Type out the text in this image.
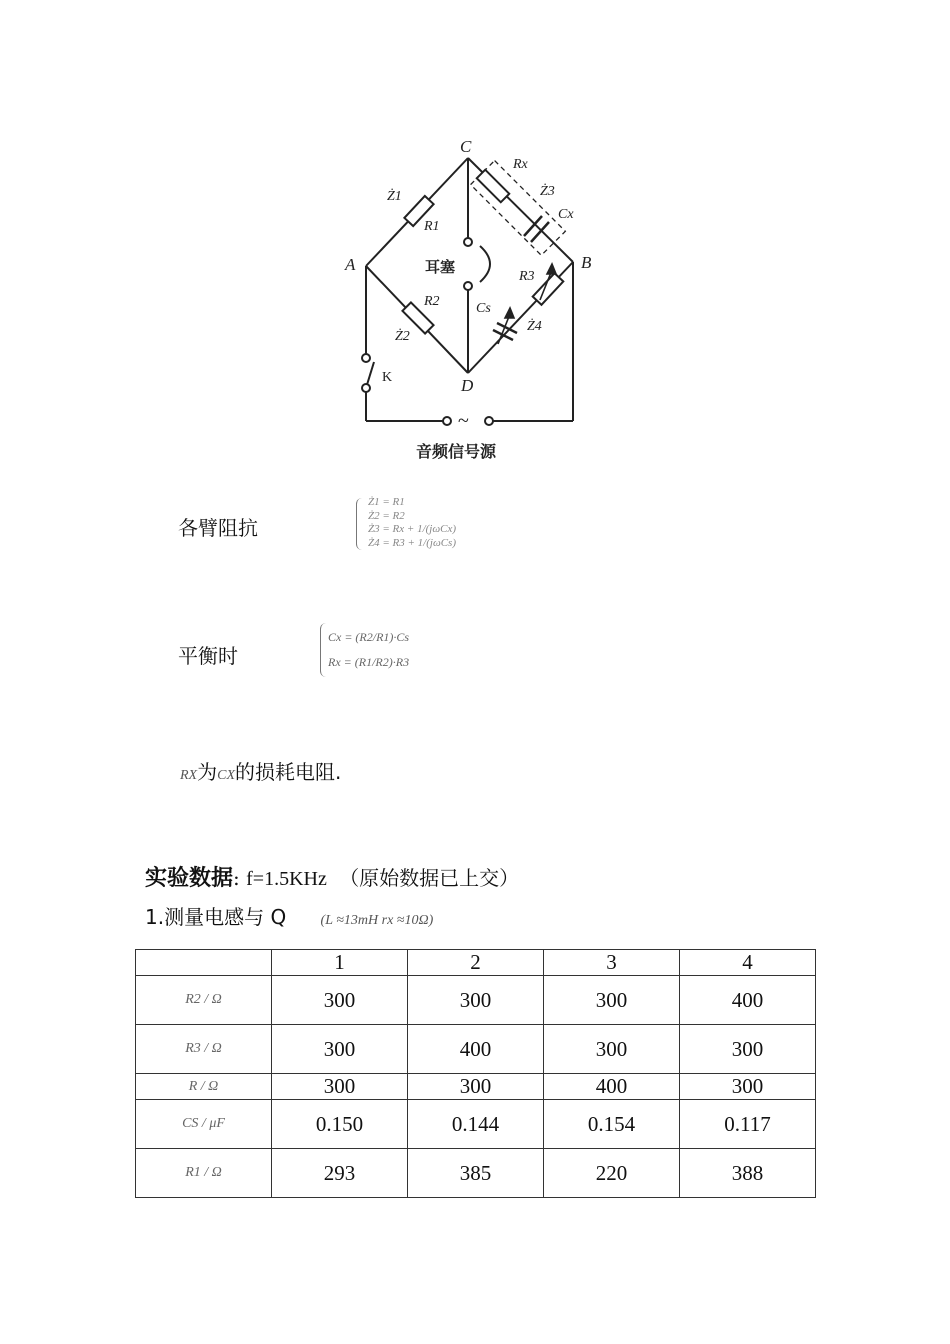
C
A	B
D
Ż1
R1
R2
Ż2
Rx
Ż3
Cx
R3
Cs
Ż4
K
~
耳塞
音频信号源
各臂阻抗
Ż1 = R1
Ż2 = R2
Ż3 = Rx + 1/(jωCx)
Ż4 = R3 + 1/(jωCs)
平衡时
Cx = (R2/R1)·Cs
Rx = (R1/R2)·R3
RX为CX的损耗电阻.
实验数据: f=1.5KHz （原始数据已上交）
1.测量电感与 Q (L ≈13mH rx ≈10Ω)
	1	2	3	4
R2 / Ω	300	300	300	400
R3 / Ω	300	400	300	300
R / Ω	300	300	400	300
CS / μF	0.150	0.144	0.154	0.117
R1 / Ω	293	385	220	388
